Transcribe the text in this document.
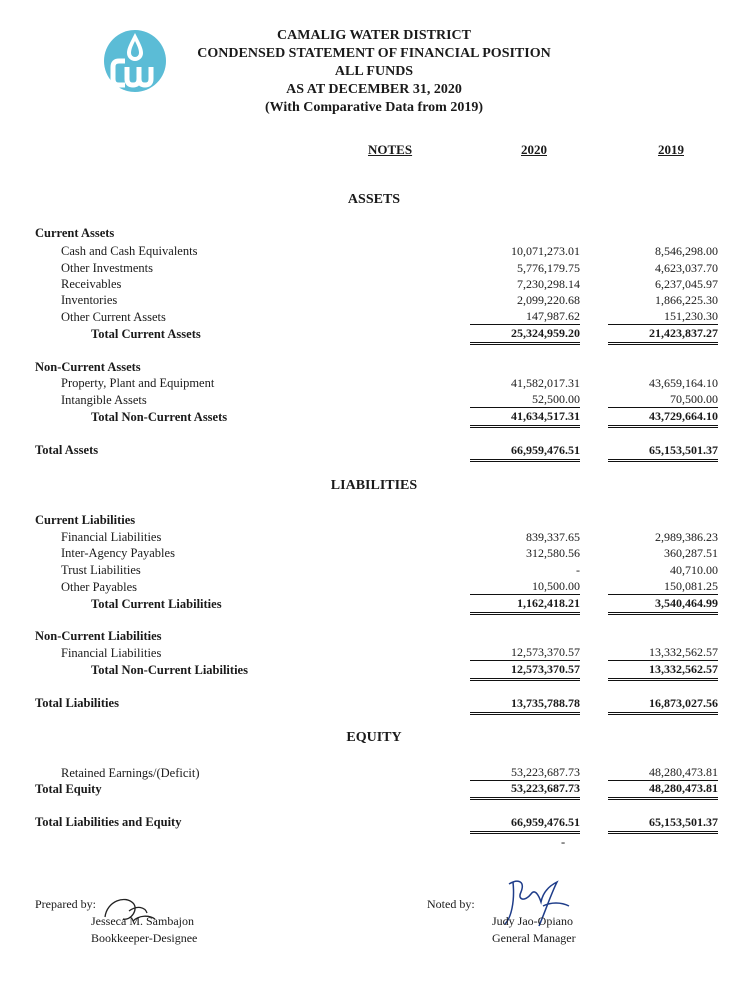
CAMALIG WATER DISTRICT
CONDENSED STATEMENT OF FINANCIAL POSITION
ALL FUNDS
AS AT DECEMBER 31, 2020
(With Comparative Data from 2019)
NOTES	2020	2019
ASSETS
Current Assets
Cash and Cash Equivalents	10,071,273.01	8,546,298.00
Other Investments	5,776,179.75	4,623,037.70
Receivables	7,230,298.14	6,237,045.97
Inventories	2,099,220.68	1,866,225.30
Other Current Assets	147,987.62	151,230.30
Total Current Assets	25,324,959.20	21,423,837.27
Non-Current Assets
Property, Plant and Equipment	41,582,017.31	43,659,164.10
Intangible Assets	52,500.00	70,500.00
Total Non-Current Assets	41,634,517.31	43,729,664.10
Total Assets	66,959,476.51	65,153,501.37
LIABILITIES
Current Liabilities
Financial Liabilities	839,337.65	2,989,386.23
Inter-Agency Payables	312,580.56	360,287.51
Trust Liabilities	-	40,710.00
Other Payables	10,500.00	150,081.25
Total Current Liabilities	1,162,418.21	3,540,464.99
Non-Current Liabilities
Financial Liabilities	12,573,370.57	13,332,562.57
Total Non-Current Liabilities	12,573,370.57	13,332,562.57
Total Liabilities	13,735,788.78	16,873,027.56
EQUITY
Retained Earnings/(Deficit)	53,223,687.73	48,280,473.81
Total Equity	53,223,687.73	48,280,473.81
Total Liabilities and Equity	66,959,476.51	65,153,501.37
-
Prepared by:
Jesseca M. Sambajon
Bookkeeper-Designee
Noted by:
Judy Jao-Opiano
General Manager
